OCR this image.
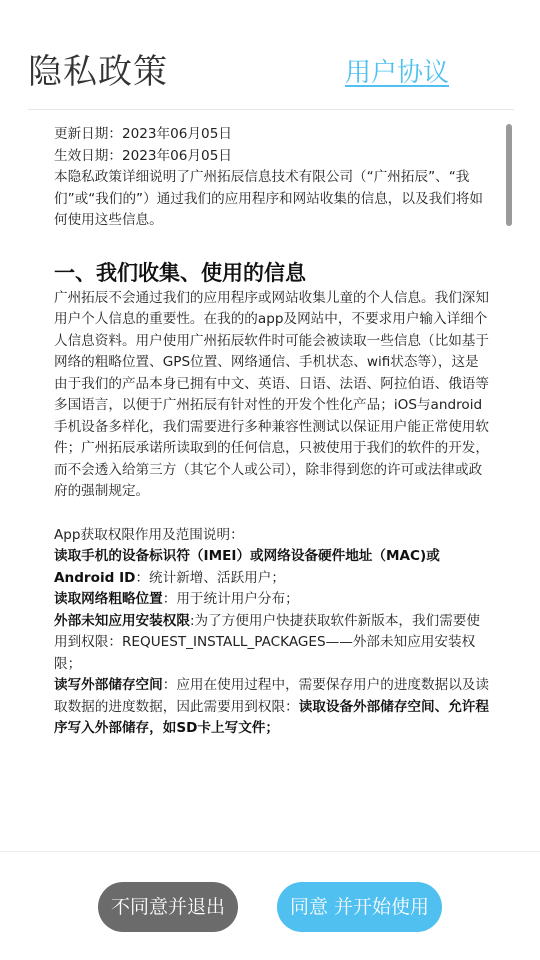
隐私政策	用户协议

更新日期：2023年06月05日

生效日期：2023年06月05日

本隐私政策详细说明了广州拓辰信息技术有限公司（“广州拓辰”、“我们”或“我们的”）通过我们的应用程序和网站收集的信息，以及我们将如何使用这些信息。

一、我们收集、使用的信息

广州拓辰不会通过我们的应用程序或网站收集儿童的个人信息。我们深知用户个人信息的重要性。在我的的app及网站中，不要求用户输入详细个人信息资料。用户使用广州拓辰软件时可能会被读取一些信息（比如基于网络的粗略位置、GPS位置、网络通信、手机状态、wifi状态等），这是由于我们的产品本身已拥有中文、英语、日语、法语、阿拉伯语、俄语等多国语言，以便于广州拓辰有针对性的开发个性化产品；iOS与android手机设备多样化，我们需要进行多种兼容性测试以保证用户能正常使用软件；广州拓辰承诺所读取到的任何信息，只被使用于我们的软件的开发，而不会透入给第三方（其它个人或公司），除非得到您的许可或法律或政府的强制规定。

App获取权限作用及范围说明：

读取手机的设备标识符（IMEI）或网络设备硬件地址（MAC)或Android ID：统计新增、活跃用户；

读取网络粗略位置：用于统计用户分布；

外部未知应用安装权限:为了方便用户快捷获取软件新版本，我们需要使用到权限：REQUEST_INSTALL_PACKAGES——外部未知应用安装权限；

读写外部储存空间：应用在使用过程中，需要保存用户的进度数据以及读取数据的进度数据，因此需要用到权限：读取设备外部储存空间、允许程序写入外部储存，如SD卡上写文件；

不同意并退出	同意 并开始使用
